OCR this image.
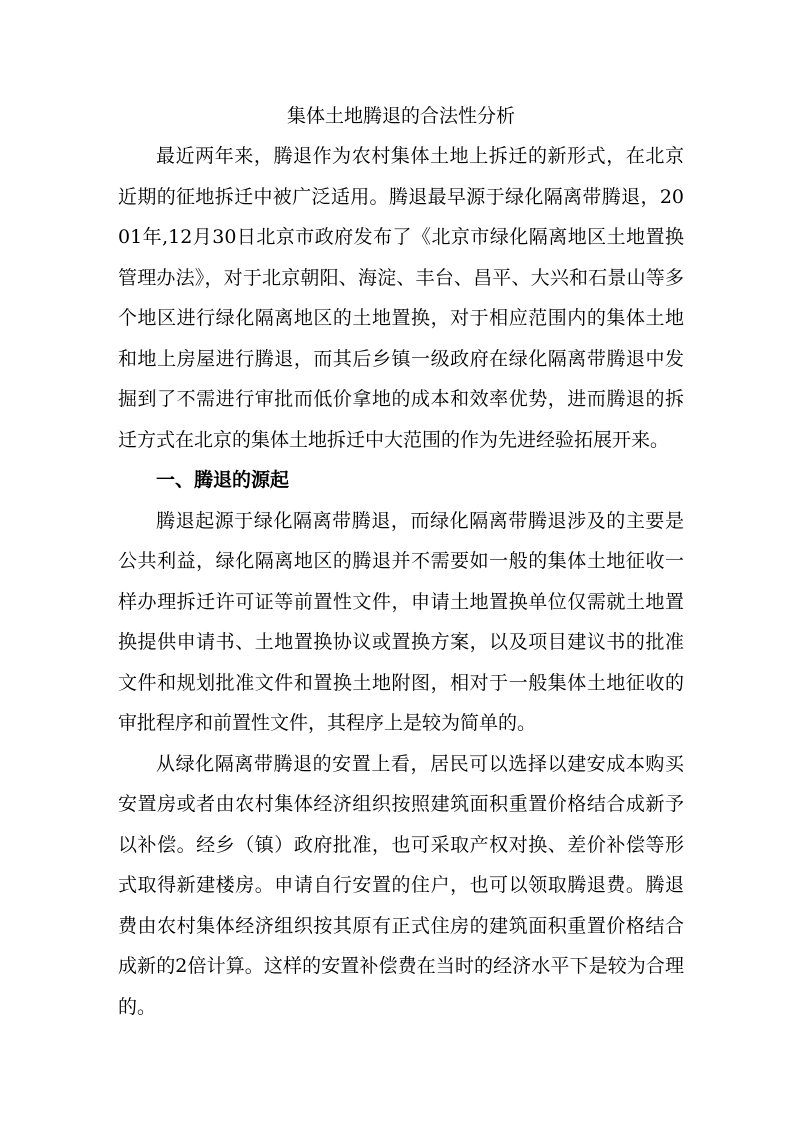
集体土地腾退的合法性分析

最近两年来，腾退作为农村集体土地上拆迁的新形式，在北京近期的征地拆迁中被广泛适用。腾退最早源于绿化隔离带腾退，2001年,12月30日北京市政府发布了《北京市绿化隔离地区土地置换管理办法》，对于北京朝阳、海淀、丰台、昌平、大兴和石景山等多个地区进行绿化隔离地区的土地置换，对于相应范围内的集体土地和地上房屋进行腾退，而其后乡镇一级政府在绿化隔离带腾退中发掘到了不需进行审批而低价拿地的成本和效率优势，进而腾退的拆迁方式在北京的集体土地拆迁中大范围的作为先进经验拓展开来。

一、腾退的源起

腾退起源于绿化隔离带腾退，而绿化隔离带腾退涉及的主要是公共利益，绿化隔离地区的腾退并不需要如一般的集体土地征收一样办理拆迁许可证等前置性文件，申请土地置换单位仅需就土地置换提供申请书、土地置换协议或置换方案，以及项目建议书的批准文件和规划批准文件和置换土地附图，相对于一般集体土地征收的审批程序和前置性文件，其程序上是较为简单的。

从绿化隔离带腾退的安置上看，居民可以选择以建安成本购买安置房或者由农村集体经济组织按照建筑面积重置价格结合成新予以补偿。经乡（镇）政府批准，也可采取产权对换、差价补偿等形式取得新建楼房。申请自行安置的住户，也可以领取腾退费。腾退费由农村集体经济组织按其原有正式住房的建筑面积重置价格结合成新的2倍计算。这样的安置补偿费在当时的经济水平下是较为合理的。
